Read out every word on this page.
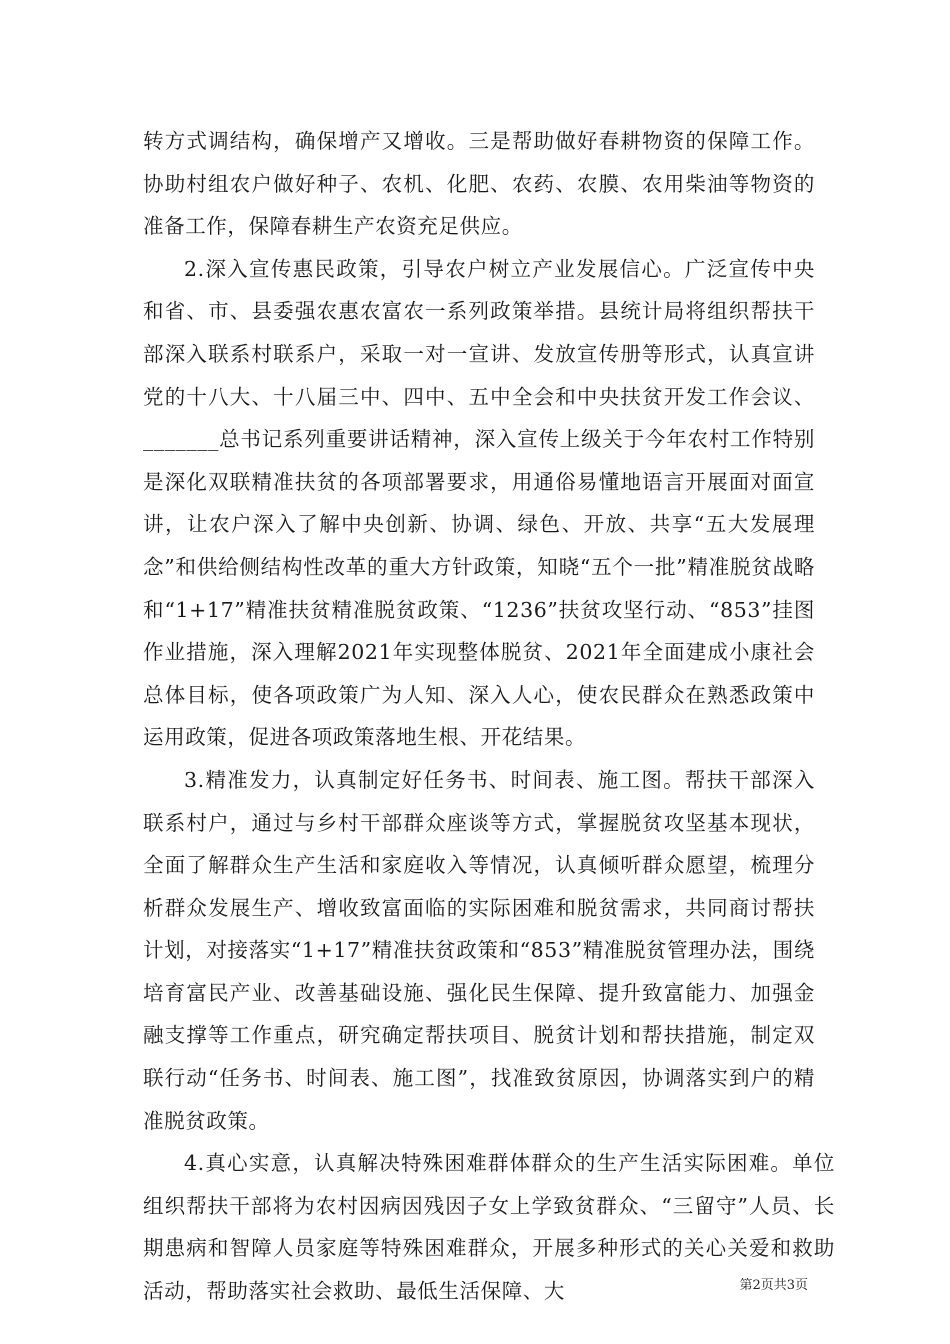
转方式调结构，确保增产又增收。三是帮助做好春耕物资的保障工作。协助村组农户做好种子、农机、化肥、农药、农膜、农用柴油等物资的准备工作，保障春耕生产农资充足供应。

2.深入宣传惠民政策，引导农户树立产业发展信心。广泛宣传中央和省、市、县委强农惠农富农一系列政策举措。县统计局将组织帮扶干部深入联系村联系户，采取一对一宣讲、发放宣传册等形式，认真宣讲党的十八大、十八届三中、四中、五中全会和中央扶贫开发工作会议、_______总书记系列重要讲话精神，深入宣传上级关于今年农村工作特别是深化双联精准扶贫的各项部署要求，用通俗易懂地语言开展面对面宣讲，让农户深入了解中央创新、协调、绿色、开放、共享“五大发展理念”和供给侧结构性改革的重大方针政策，知晓“五个一批”精准脱贫战略和“1+17”精准扶贫精准脱贫政策、“1236”扶贫攻坚行动、“853”挂图作业措施，深入理解2021年实现整体脱贫、2021年全面建成小康社会总体目标，使各项政策广为人知、深入人心，使农民群众在熟悉政策中运用政策，促进各项政策落地生根、开花结果。

3.精准发力，认真制定好任务书、时间表、施工图。帮扶干部深入联系村户，通过与乡村干部群众座谈等方式，掌握脱贫攻坚基本现状，全面了解群众生产生活和家庭收入等情况，认真倾听群众愿望，梳理分析群众发展生产、增收致富面临的实际困难和脱贫需求，共同商讨帮扶计划，对接落实“1+17”精准扶贫政策和“853”精准脱贫管理办法，围绕培育富民产业、改善基础设施、强化民生保障、提升致富能力、加强金融支撑等工作重点，研究确定帮扶项目、脱贫计划和帮扶措施，制定双联行动“任务书、时间表、施工图”，找准致贫原因，协调落实到户的精准脱贫政策。

4.真心实意，认真解决特殊困难群体群众的生产生活实际困难。单位组织帮扶干部将为农村因病因残因子女上学致贫群众、“三留守”人员、长期患病和智障人员家庭等特殊困难群众，开展多种形式的关心关爱和救助活动，帮助落实社会救助、最低生活保障、大	第2页共3页
